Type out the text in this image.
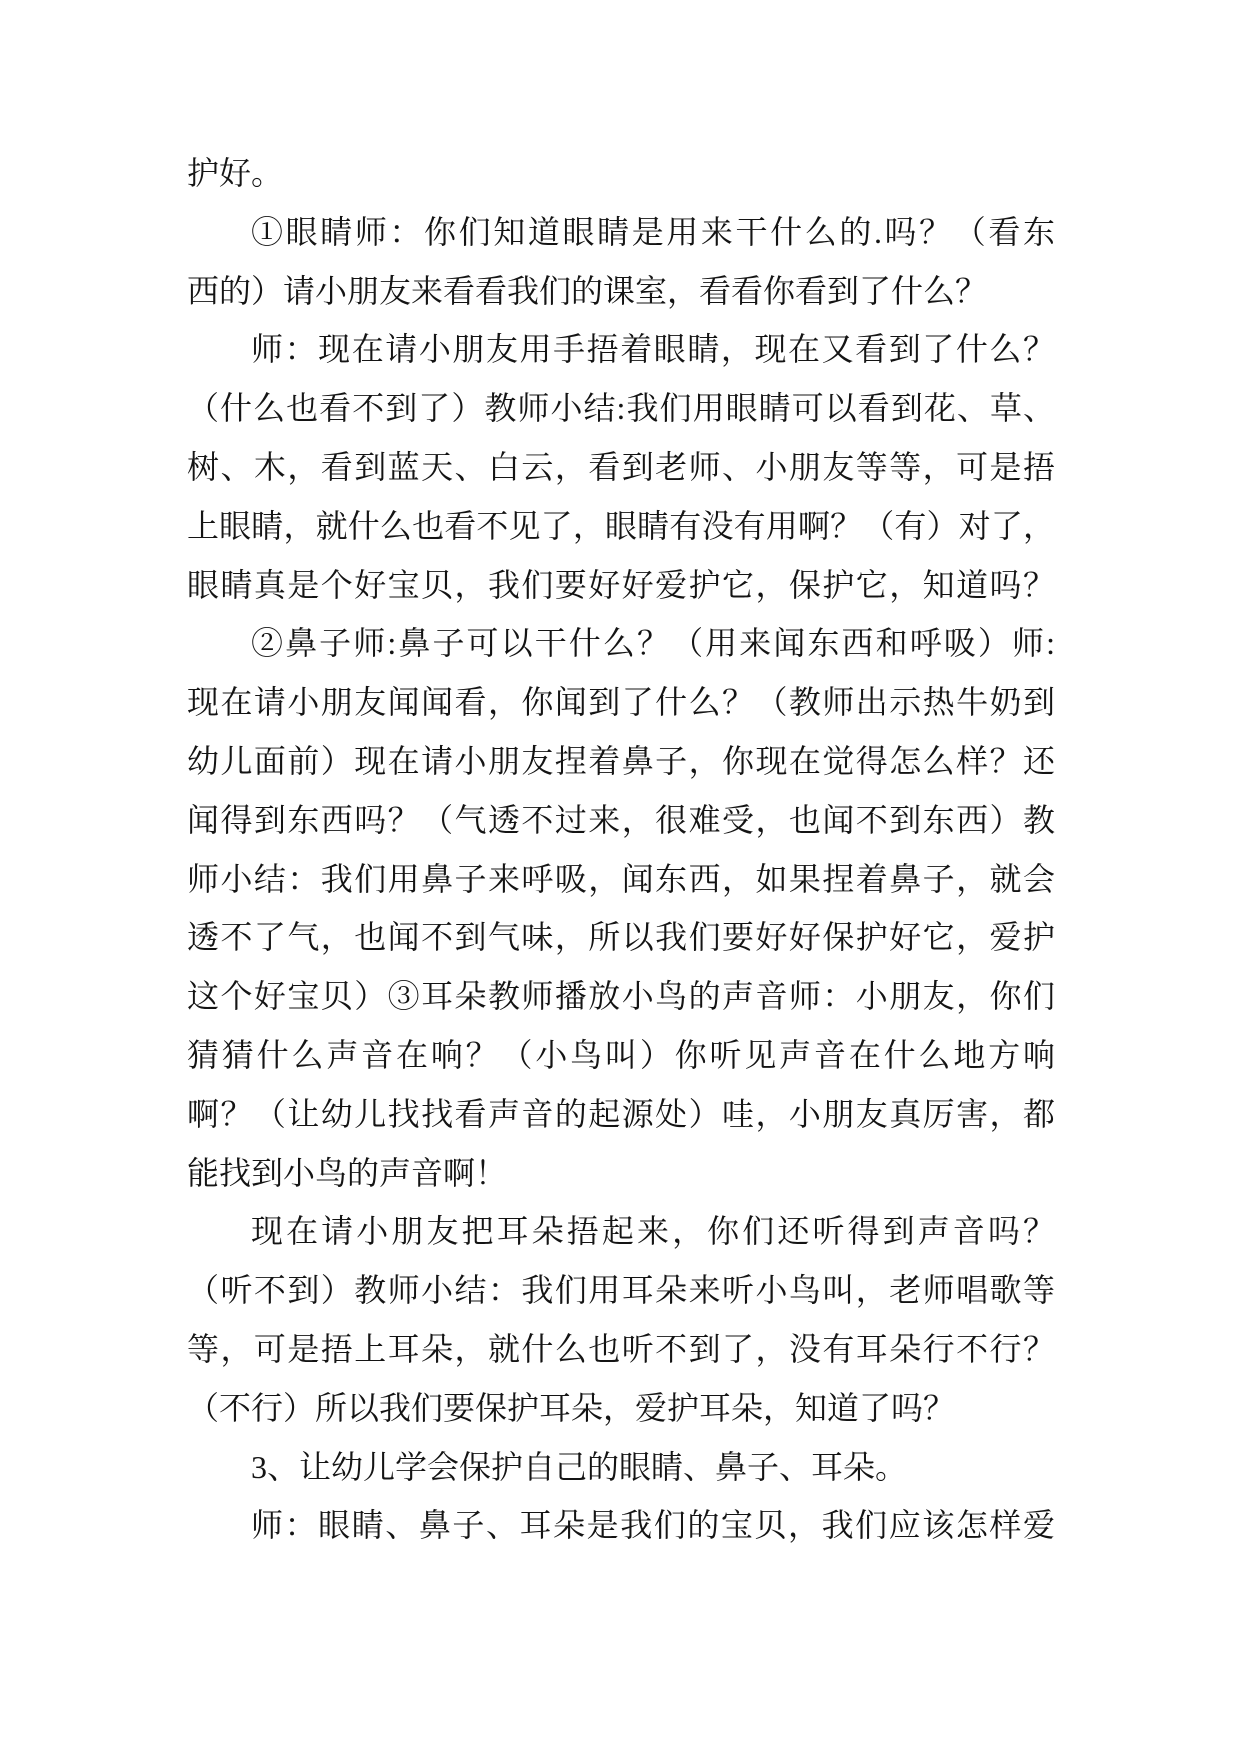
护好。
①眼睛师：你们知道眼睛是用来干什么的.吗？（看东
西的）请小朋友来看看我们的课室，看看你看到了什么？
师：现在请小朋友用手捂着眼睛，现在又看到了什么？
（什么也看不到了）教师小结:我们用眼睛可以看到花、草、
树、木，看到蓝天、白云，看到老师、小朋友等等，可是捂
上眼睛，就什么也看不见了，眼睛有没有用啊？（有）对了，
眼睛真是个好宝贝，我们要好好爱护它，保护它，知道吗？
②鼻子师:鼻子可以干什么？（用来闻东西和呼吸）师:
现在请小朋友闻闻看，你闻到了什么？（教师出示热牛奶到
幼儿面前）现在请小朋友捏着鼻子，你现在觉得怎么样？还
闻得到东西吗？（气透不过来，很难受，也闻不到东西）教
师小结：我们用鼻子来呼吸，闻东西，如果捏着鼻子，就会
透不了气，也闻不到气味，所以我们要好好保护好它，爱护
这个好宝贝）③耳朵教师播放小鸟的声音师：小朋友，你们
猜猜什么声音在响？（小鸟叫）你听见声音在什么地方响
啊？（让幼儿找找看声音的起源处）哇，小朋友真厉害，都
能找到小鸟的声音啊！
现在请小朋友把耳朵捂起来，你们还听得到声音吗？
（听不到）教师小结：我们用耳朵来听小鸟叫，老师唱歌等
等，可是捂上耳朵，就什么也听不到了，没有耳朵行不行？
（不行）所以我们要保护耳朵，爱护耳朵，知道了吗？
3、让幼儿学会保护自己的眼睛、鼻子、耳朵。
师：眼睛、鼻子、耳朵是我们的宝贝，我们应该怎样爱
